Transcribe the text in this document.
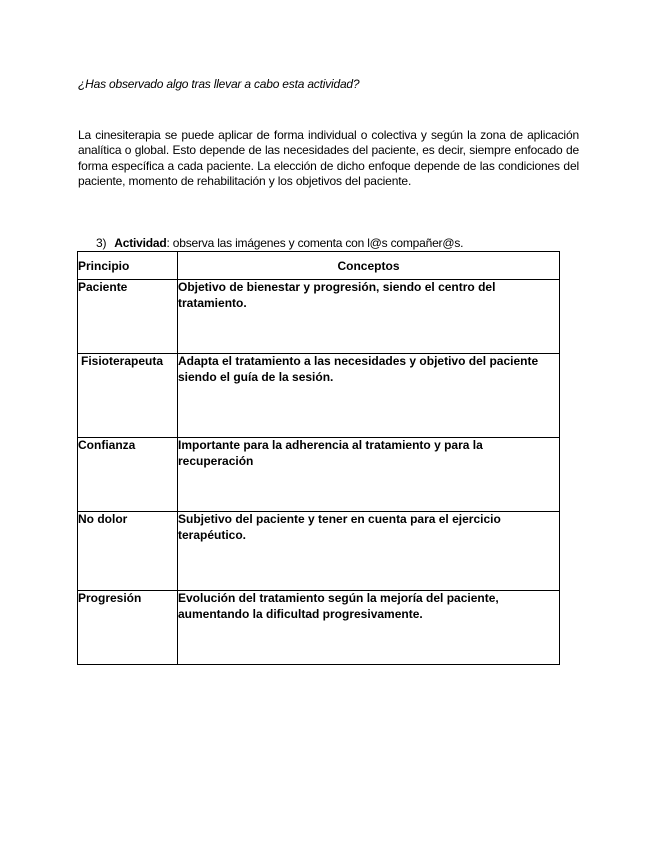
¿Has observado algo tras llevar a cabo esta actividad?
La cinesiterapia se puede aplicar de forma individual o colectiva y según la zona de aplicación analítica o global. Esto depende de las necesidades del paciente, es decir, siempre enfocado de forma específica a cada paciente. La elección de dicho enfoque depende de las condiciones del paciente, momento de rehabilitación y los objetivos del paciente.
3) Actividad: observa las imágenes y comenta con l@s compañer@s.
Principio	Conceptos
Paciente	Objetivo de bienestar y progresión, siendo el centro del tratamiento.
Fisioterapeuta	Adapta el tratamiento a las necesidades y objetivo del paciente siendo el guía de la sesión.
Confianza	Importante para la adherencia al tratamiento y para la recuperación
No dolor	Subjetivo del paciente y tener en cuenta para el ejercicio terapéutico.
Progresión	Evolución del tratamiento según la mejoría del paciente, aumentando la dificultad progresivamente.
